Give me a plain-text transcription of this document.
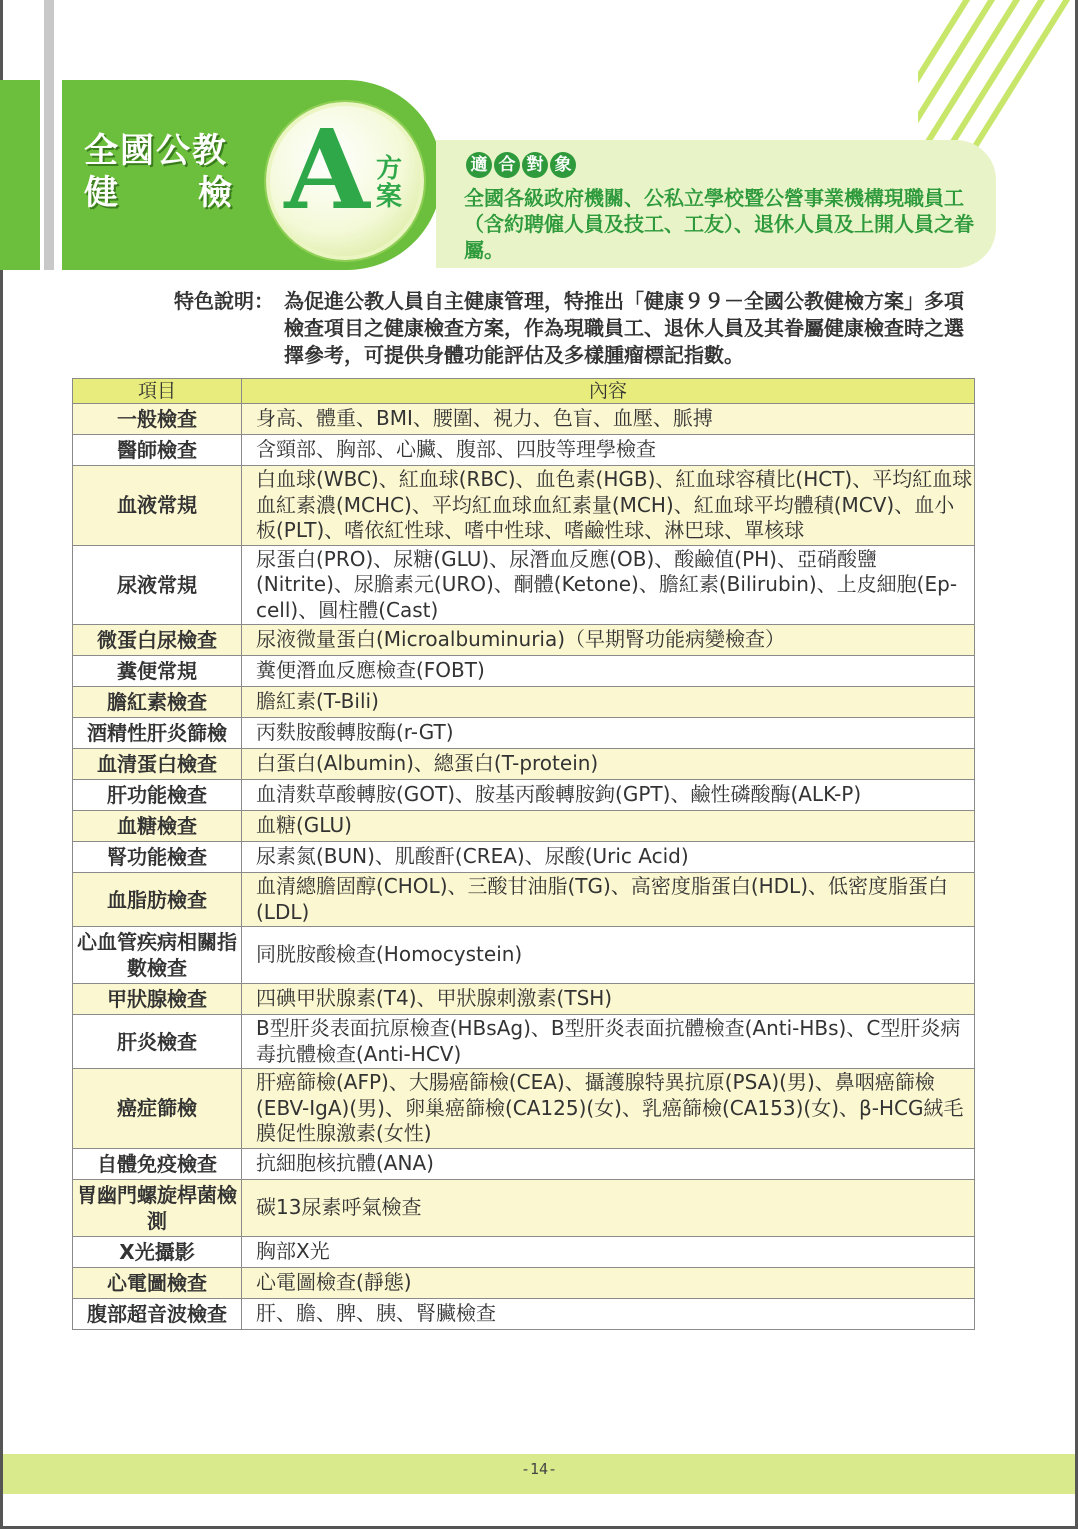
全國公教
健 檢 A 方
案
適 合 對 象
全國各級政府機關、公私立學校暨公營事業機構現職員工（含約聘僱人員及技工、工友）、退休人員及上開人員之眷屬。
特色說明： 為促進公教人員自主健康管理，特推出「健康９９－全國公教健檢方案」多項檢查項目之健康檢查方案，作為現職員工、退休人員及其眷屬健康檢查時之選擇參考，可提供身體功能評估及多樣腫瘤標記指數。
項目	內容
一般檢查	身高、體重、BMI、腰圍、視力、色盲、血壓、脈搏
醫師檢查	含頸部、胸部、心臟、腹部、四肢等理學檢查
血液常規	白血球(WBC)、紅血球(RBC)、血色素(HGB)、紅血球容積比(HCT)、平均紅血球血紅素濃(MCHC)、平均紅血球血紅素量(MCH)、紅血球平均體積(MCV)、血小板(PLT)、嗜依紅性球、嗜中性球、嗜鹼性球、淋巴球、單核球
尿液常規	尿蛋白(PRO)、尿糖(GLU)、尿潛血反應(OB)、酸鹼值(PH)、亞硝酸鹽(Nitrite)、尿膽素元(URO)、酮體(Ketone)、膽紅素(Bilirubin)、上皮細胞(Ep-cell)、圓柱體(Cast)
微蛋白尿檢查	尿液微量蛋白(Microalbuminuria)（早期腎功能病變檢查）
糞便常規	糞便潛血反應檢查(FOBT)
膽紅素檢查	膽紅素(T-Bili)
酒精性肝炎篩檢	丙麩胺酸轉胺酶(r-GT)
血清蛋白檢查	白蛋白(Albumin)、總蛋白(T-protein)
肝功能檢查	血清麩草酸轉胺(GOT)、胺基丙酸轉胺鉤(GPT)、鹼性磷酸酶(ALK-P)
血糖檢查	血糖(GLU)
腎功能檢查	尿素氮(BUN)、肌酸酐(CREA)、尿酸(Uric Acid)
血脂肪檢查	血清總膽固醇(CHOL)、三酸甘油脂(TG)、高密度脂蛋白(HDL)、低密度脂蛋白(LDL)
心血管疾病相關指數檢查	同胱胺酸檢查(Homocystein)
甲狀腺檢查	四碘甲狀腺素(T4)、甲狀腺刺激素(TSH)
肝炎檢查	B型肝炎表面抗原檢查(HBsAg)、B型肝炎表面抗體檢查(Anti-HBs)、C型肝炎病毒抗體檢查(Anti-HCV)
癌症篩檢	肝癌篩檢(AFP)、大腸癌篩檢(CEA)、攝護腺特異抗原(PSA)(男)、鼻咽癌篩檢(EBV-IgA)(男)、卵巢癌篩檢(CA125)(女)、乳癌篩檢(CA153)(女)、β-HCG絨毛膜促性腺激素(女性)
自體免疫檢查	抗細胞核抗體(ANA)
胃幽門螺旋桿菌檢測	碳13尿素呼氣檢查
X光攝影	胸部X光
心電圖檢查	心電圖檢查(靜態)
腹部超音波檢查	肝、膽、脾、胰、腎臟檢查
-14-
